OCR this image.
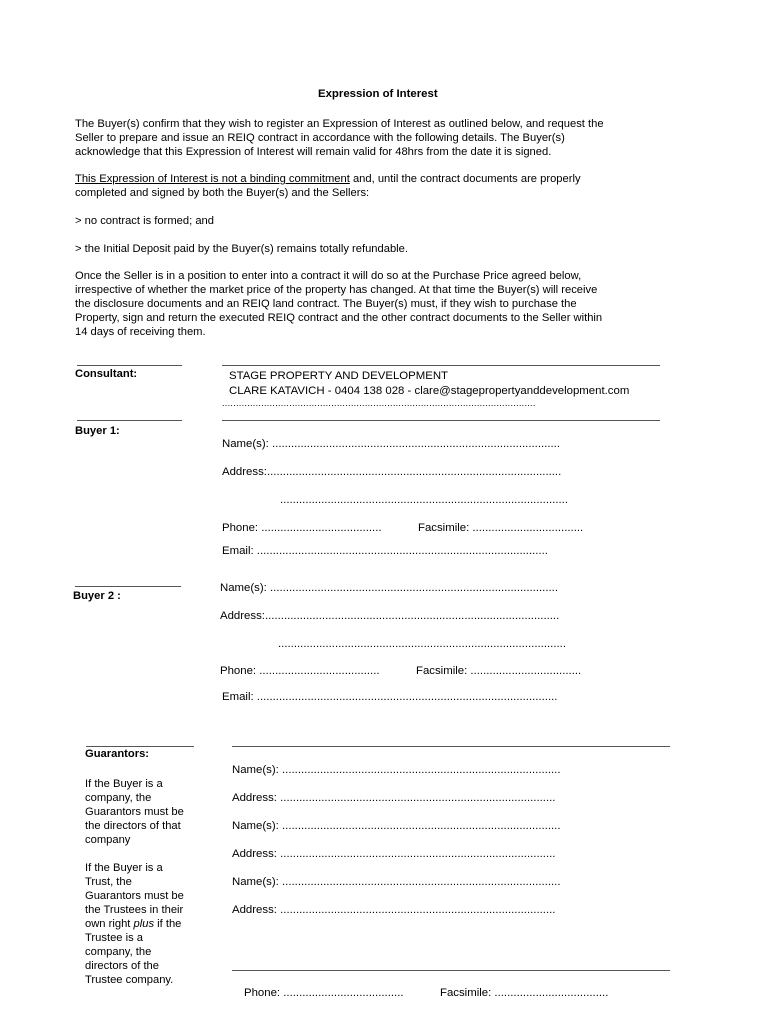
Expression of Interest
The Buyer(s) confirm that they wish to register an Expression of Interest as outlined below, and request the
Seller to prepare and issue an REIQ contract in accordance with the following details. The Buyer(s)
acknowledge that this Expression of Interest will remain valid for 48hrs from the date it is signed.
This Expression of Interest is not a binding commitment and, until the contract documents are properly
completed and signed by both the Buyer(s) and the Sellers:
> no contract is formed; and
> the Initial Deposit paid by the Buyer(s) remains totally refundable.
Once the Seller is in a position to enter into a contract it will do so at the Purchase Price agreed below,
irrespective of whether the market price of the property has changed. At that time the Buyer(s) will receive
the disclosure documents and an REIQ land contract. The Buyer(s) must, if they wish to purchase the
Property, sign and return the executed REIQ contract and the other contract documents to the Seller within
14 days of receiving them.
Consultant:	STAGE PROPERTY AND DEVELOPMENT
CLARE KATAVICH - 0404 138 028 - clare@stagepropertyanddevelopment.com
................................................................................................................
Buyer 1:
Name(s): ...........................................................................................
Address:.............................................................................................
...........................................................................................
Phone: ......................................	Facsimile: ...................................
Email: ............................................................................................
Buyer 2 :
Name(s): ...........................................................................................
Address:.............................................................................................
...........................................................................................
Phone: ......................................	Facsimile: ...................................
Email: ...............................................................................................
Guarantors:
If the Buyer is a
company, the
Guarantors must be
the directors of that
company
If the Buyer is a
Trust, the
Guarantors must be
the Trustees in their
own right plus if the
Trustee is a
company, the
directors of the
Trustee company.
Name(s): ........................................................................................
Address: .......................................................................................
Name(s): ........................................................................................
Address: .......................................................................................
Name(s): ........................................................................................
Address: .......................................................................................
Phone: ......................................	Facsimile: ....................................
